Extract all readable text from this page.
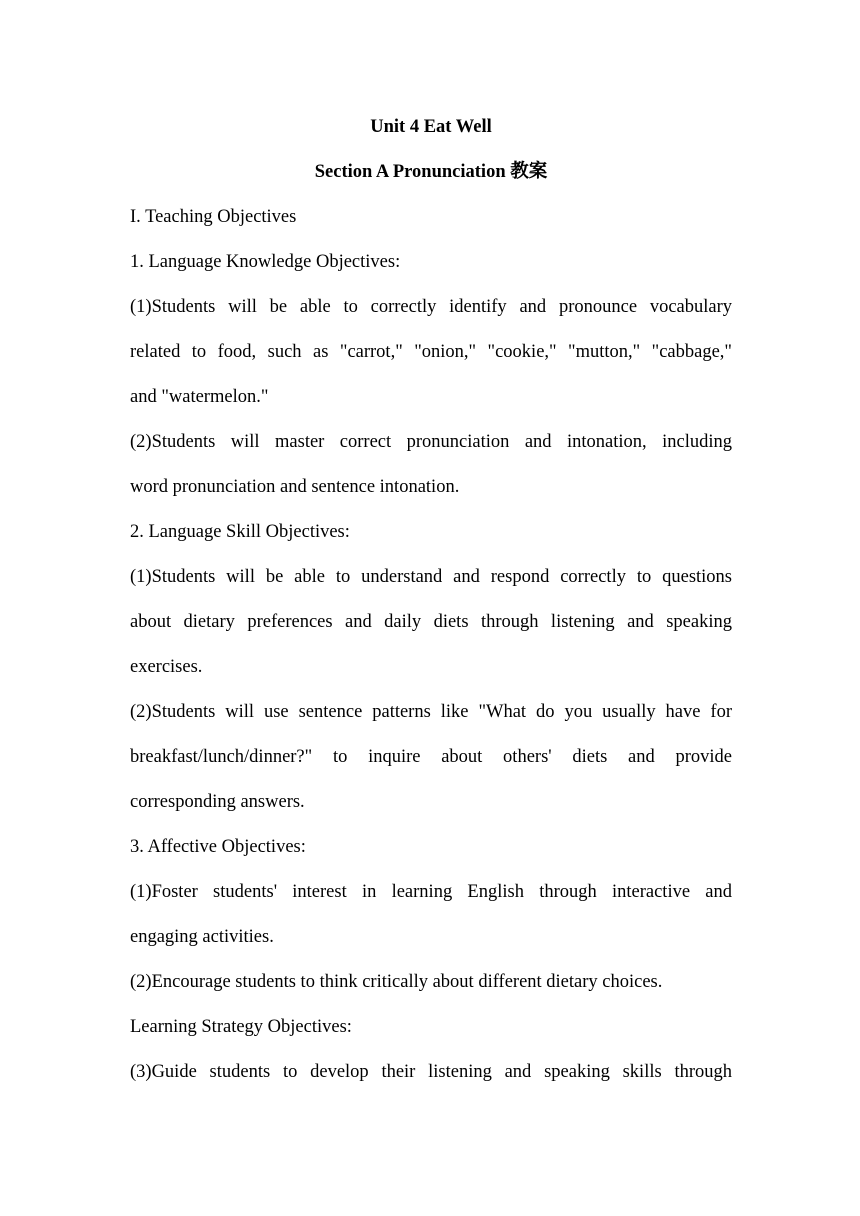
Unit 4 Eat Well
Section A Pronunciation 教案
I. Teaching Objectives
1. Language Knowledge Objectives:
(1)Students will be able to correctly identify and pronounce vocabulary
related to food, such as "carrot," "onion," "cookie," "mutton," "cabbage,"
and "watermelon."
(2)Students will master correct pronunciation and intonation, including
word pronunciation and sentence intonation.
2. Language Skill Objectives:
(1)Students will be able to understand and respond correctly to questions
about dietary preferences and daily diets through listening and speaking
exercises.
(2)Students will use sentence patterns like "What do you usually have for
breakfast/lunch/dinner?" to inquire about others' diets and provide
corresponding answers.
3. Affective Objectives:
(1)Foster students' interest in learning English through interactive and
engaging activities.
(2)Encourage students to think critically about different dietary choices.
Learning Strategy Objectives:
(3)Guide students to develop their listening and speaking skills through
